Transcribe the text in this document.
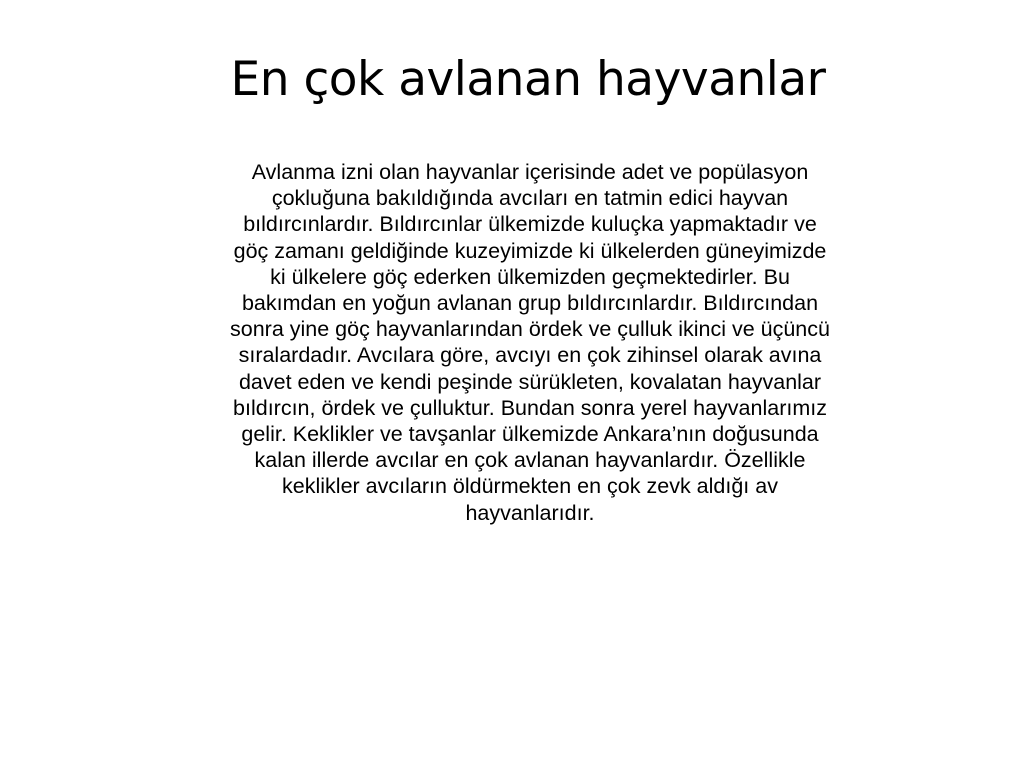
En çok avlanan hayvanlar
Avlanma izni olan hayvanlar içerisinde adet ve popülasyon
çokluğuna bakıldığında avcıları en tatmin edici hayvan
bıldırcınlardır. Bıldırcınlar ülkemizde kuluçka yapmaktadır ve
göç zamanı geldiğinde kuzeyimizde ki ülkelerden güneyimizde
ki ülkelere göç ederken ülkemizden geçmektedirler. Bu
bakımdan en yoğun avlanan grup bıldırcınlardır. Bıldırcından
sonra yine göç hayvanlarından ördek ve çulluk ikinci ve üçüncü
sıralardadır. Avcılara göre, avcıyı en çok zihinsel olarak avına
davet eden ve kendi peşinde sürükleten, kovalatan hayvanlar
bıldırcın, ördek ve çulluktur. Bundan sonra yerel hayvanlarımız
gelir. Keklikler ve tavşanlar ülkemizde Ankara’nın doğusunda
kalan illerde avcılar en çok avlanan hayvanlardır. Özellikle
keklikler avcıların öldürmekten en çok zevk aldığı av
hayvanlarıdır.
